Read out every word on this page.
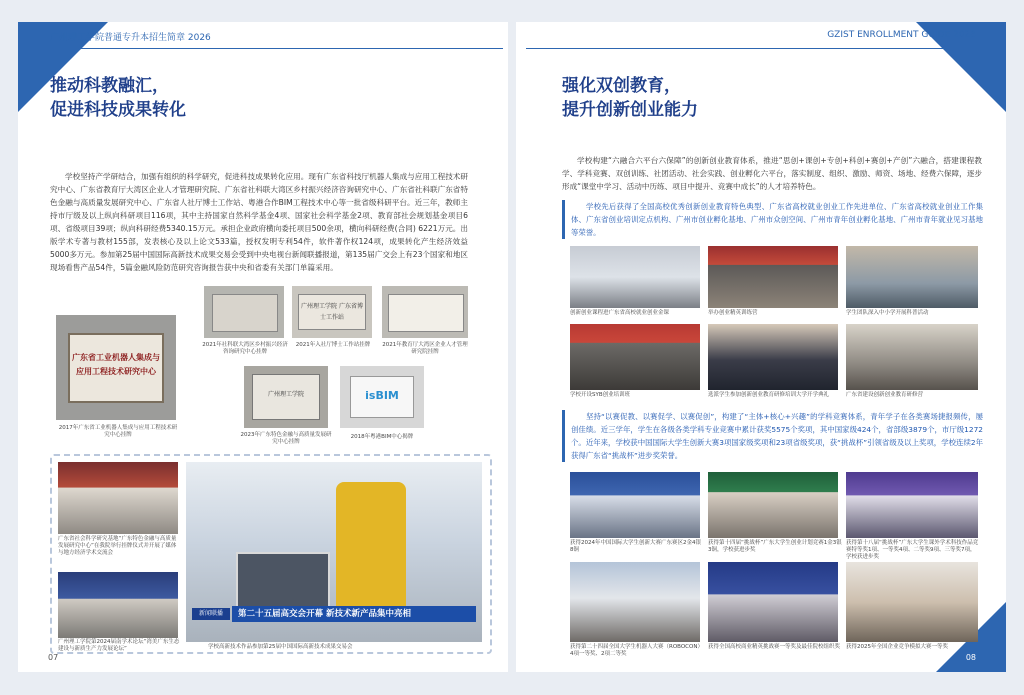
广州理工学院普通专升本招生简章 2026
推动科教融汇，
促进科技成果转化
学校坚持产学研结合，加强有组织的科学研究，促进科技成果转化应用。现有广东省科技厅机器人集成与应用工程技术研究中心、广东省教育厅大湾区企业人才管理研究院、广东省社科联大湾区乡村振兴经济咨询研究中心、广东省社科联广东省特色金融与高质量发展研究中心、广东省人社厅博士工作站、粤港合作BIM工程技术中心等一批省级科研平台。近三年，教师主持市厅级及以上纵向科研项目116项，其中主持国家自然科学基金4项、国家社会科学基金2项、教育部社会规划基金项目6项、省级项目39项；纵向科研经费5340.15万元。承担企业政府横向委托项目500余项，横向科研经费(合同) 6221万元。出版学术专著与教材155部，发表核心及以上论文533篇，授权发明专利54件，软件著作权124项，成果转化产生经济效益5000多万元。参加第25届中国国际高新技术成果交易会受到中央电视台新闻联播报道，第135届广交会上有23个国家和地区现场看售产品54件，5篇金融风险防范研究咨询报告获中央和省委有关部门单篇采用。
广东省工业机器人集成与应用工程技术研究中心
2017年广东省工业机器人集成与应用工程技术研究中心挂牌
2021年社科联大湾区乡村振兴经济咨询研究中心挂牌
广州理工学院 广东省博士工作站
2021年入社厅博士工作站挂牌	2021年教育厅大湾区企业人才管理研究院挂牌
广州理工学院
2023年广东特色金融与高质量发展研究中心挂牌
isBIM
2018年粤港BIM中心揭牌
广东省社会科学研究基地“广东特色金融与高质量发展研究中心”在我院举行挂牌仪式并开展了媒体与地方经济学术交流会
广州理工学院第2024届南学术论坛“湾美广东生态建设与新质生产力发展论坛”
新闻联播	第二十五届高交会开幕 新技术新产品集中亮相
学校高新技术作品参加第25届中国国际高新技术成果交易会
07
GZIST ENROLLMENT GUIDE 2026
强化双创教育，
提升创新创业能力
学校构建“六融合六平台六保障”的创新创业教育体系，推进“思创+课创+专创+科创+赛创+产创”六融合，搭建课程教学、学科竞赛、双创训练、社团活动、社会实践、创业孵化六平台，落实制度、组织、激励、师资、场地、经费六保障，逐步形成“课堂中学习、活动中历练、项目中提升、竞赛中成长”的人才培养特色。
学校先后获得了全国高校优秀创新创业教育特色典型、广东省高校就业创业工作先进单位、广东省高校就业创业工作集体、广东省创业培训定点机构、广州市创业孵化基地、广州市众创空间、广州市青年创业孵化基地、广州市青年就业见习基地等荣誉。
创新创业课程进广东省高校就业创业金课	举办创业精英训练营	学生团队深入中小学开展科普活动
学校开设SYB创业培训班	选派学生参加创新创业教育研修培训大学开学典礼	广东省建设创新创业教育研修营
坚持“以赛促教、以赛促学、以赛促创”，构建了“主体+核心+兴趣”的学科竞赛体系，青年学子在各类赛场捷报频传，屡创佳绩。近三学年，学生在各级各类学科专业竞赛中累计获奖5575个奖项，其中国家级424个，省部级3879个，市厅级1272个。近年来，学校获中国国际大学生创新大赛3项国家级奖项和23项省级奖项，获“挑战杯”引领省级及以上奖项，学校连续2年获得广东省“挑战杯”进步奖荣誉。
获得2024年中国国际大学生创新大赛广东赛区2金4银8铜
获得第十四届“挑战杯”广东大学生创业计划竞赛1金3银3铜，学校获进步奖
获得第十八届“挑战杯”广东大学生课外学术科技作品竞赛特等奖1项、一等奖4项、二等奖9项、三等奖7项，学校获进步奖
获得第二十四届全国大学生机器人大赛（ROBOCON）4项一等奖、2项二等奖
获得全国高校商业精英挑战赛一等奖及最佳院校组织奖	获得2025年全国企业竞争模拟大赛一等奖
08
